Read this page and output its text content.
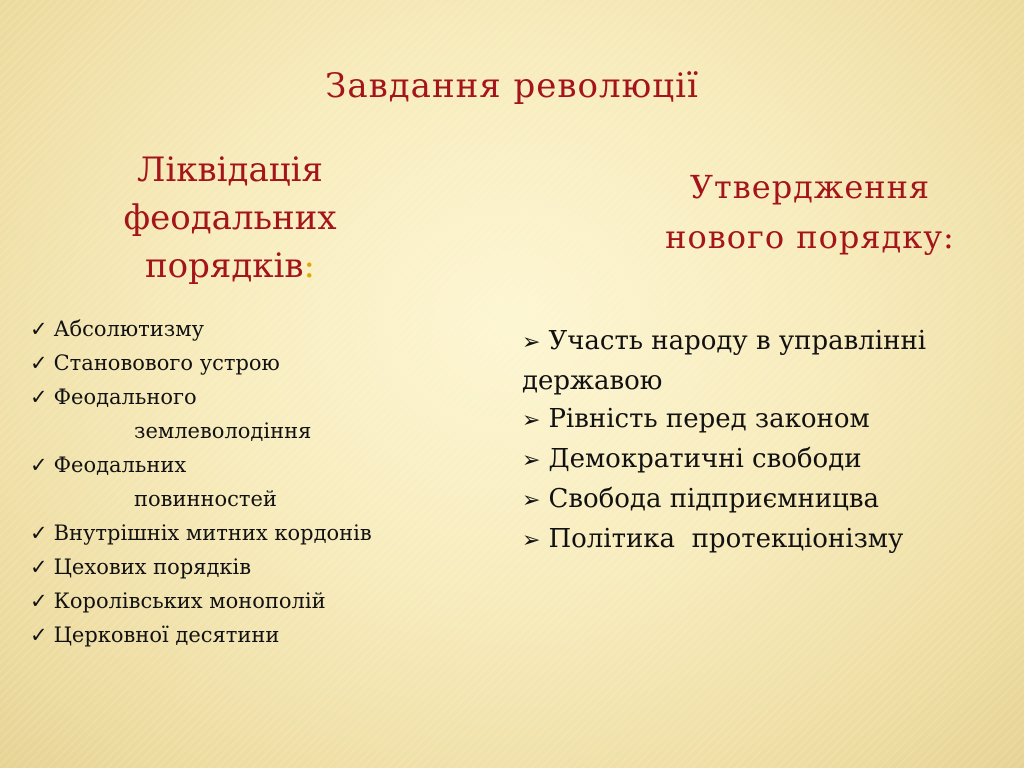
Завдання революції
Ліквідація
феодальних
порядків:
Утвердження
нового порядку:
✓ Абсолютизму
✓ Становового устрою
✓ Феодального
землеволодіння
✓ Феодальних
повинностей
✓ Внутрішніх митних кордонів
✓ Цехових порядків
✓ Королівських монополій
✓ Церковної десятини
➢ Участь народу в управлінні державою
➢ Рівність перед законом
➢ Демократичні свободи
➢ Свобода підприємницва
➢ Політика  протекціонізму
